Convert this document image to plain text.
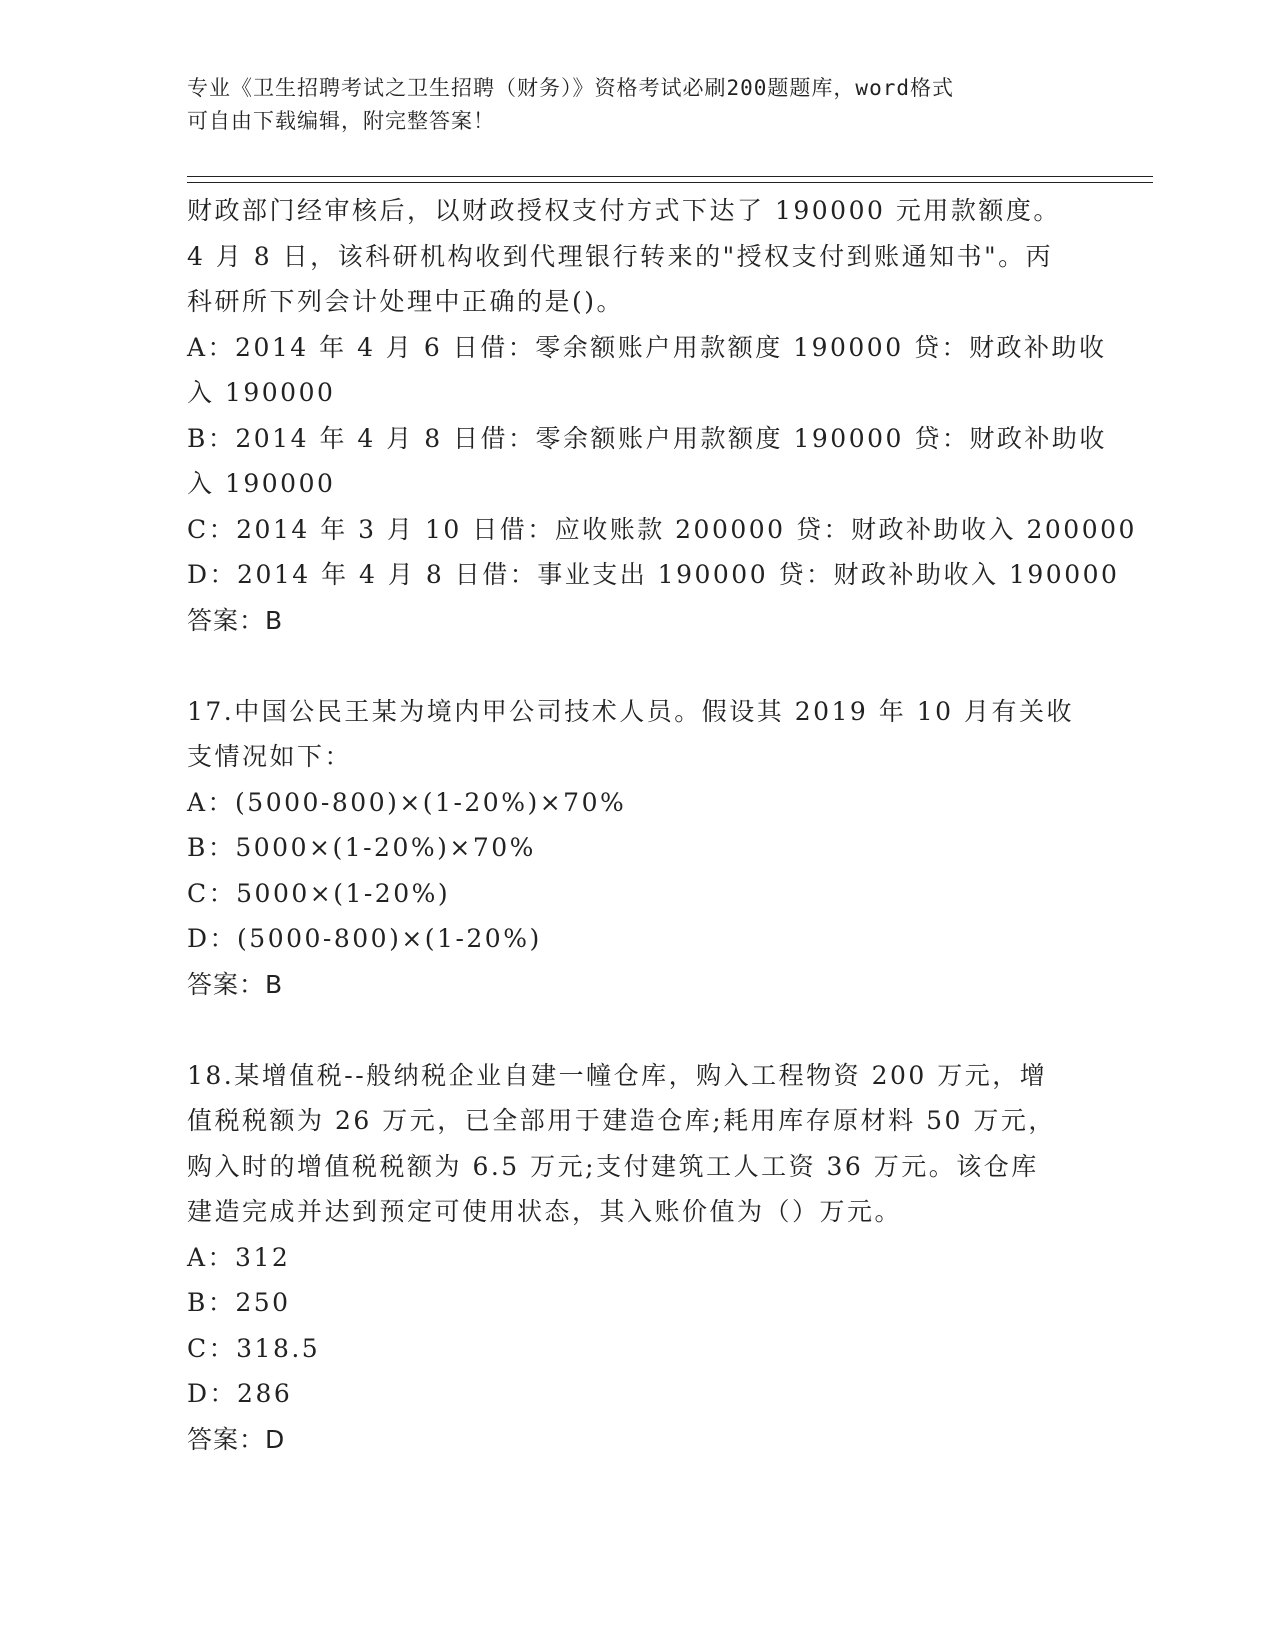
专业《卫生招聘考试之卫生招聘（财务）》资格考试必刷200题题库，word格式
可自由下载编辑，附完整答案！
财政部门经审核后，以财政授权支付方式下达了 190000 元用款额度。
4 月 8 日，该科研机构收到代理银行转来的"授权支付到账通知书"。丙
科研所下列会计处理中正确的是()。
A：2014 年 4 月 6 日借：零余额账户用款额度 190000 贷：财政补助收
入 190000
B：2014 年 4 月 8 日借：零余额账户用款额度 190000 贷：财政补助收
入 190000
C：2014 年 3 月 10 日借：应收账款 200000 贷：财政补助收入 200000
D：2014 年 4 月 8 日借：事业支出 190000 贷：财政补助收入 190000
答案：B
17.中国公民王某为境内甲公司技术人员。假设其 2019 年 10 月有关收
支情况如下：
A：(5000-800)×(1-20%)×70%
B：5000×(1-20%)×70%
C：5000×(1-20%)
D：(5000-800)×(1-20%)
答案：B
18.某增值税--般纳税企业自建一幢仓库，购入工程物资 200 万元，增
值税税额为 26 万元，已全部用于建造仓库;耗用库存原材料 50 万元，
购入时的增值税税额为 6.5 万元;支付建筑工人工资 36 万元。该仓库
建造完成并达到预定可使用状态，其入账价值为（）万元。
A：312
B：250
C：318.5
D：286
答案：D
